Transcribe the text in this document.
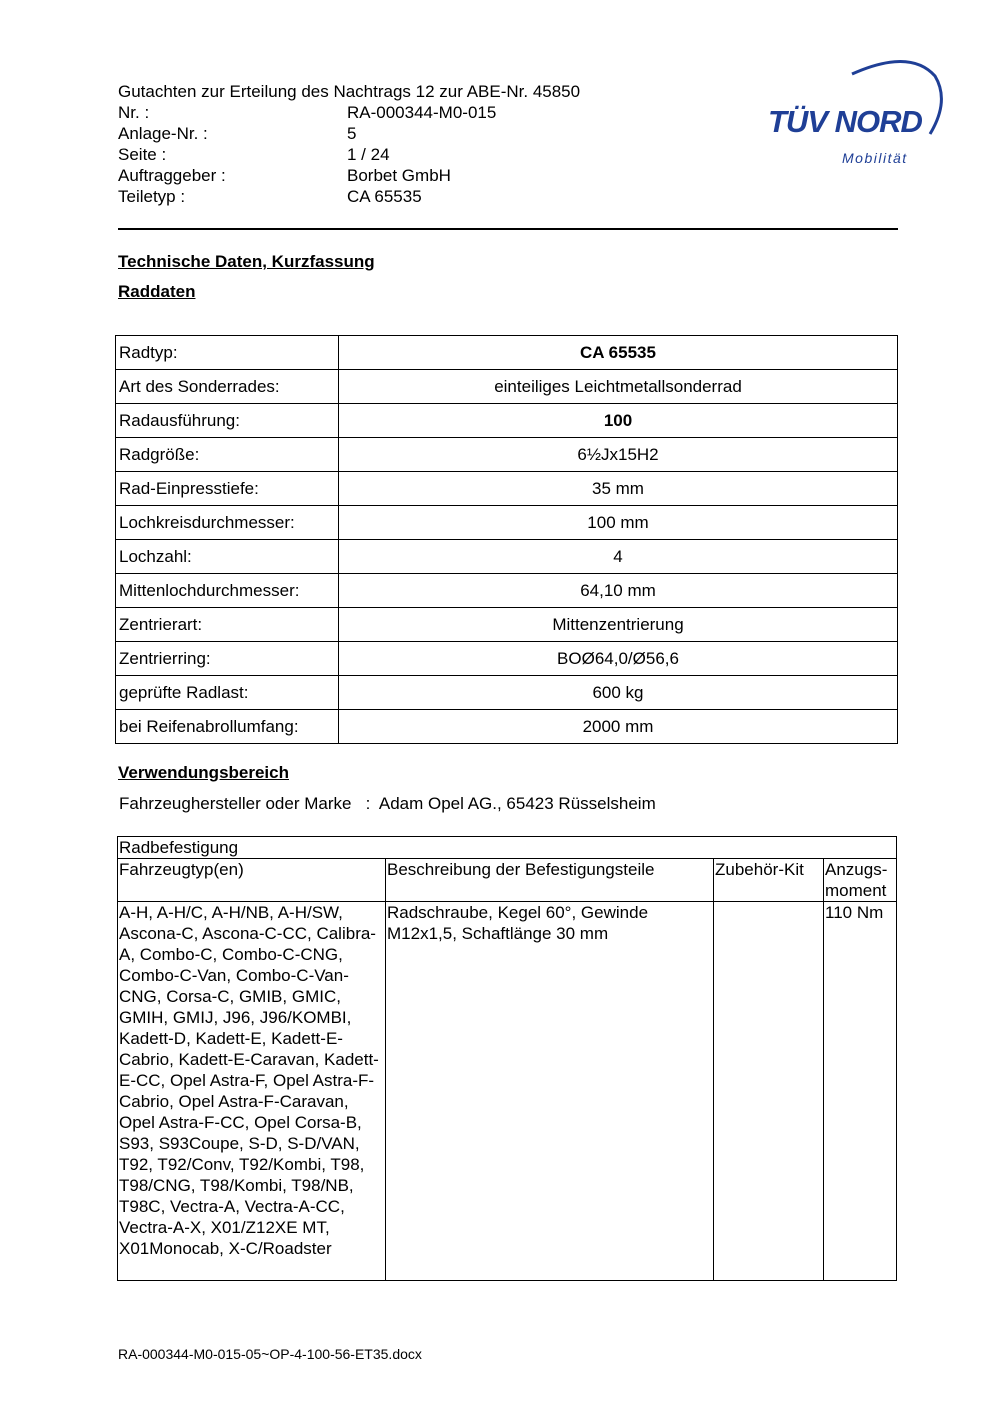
Gutachten zur Erteilung des Nachtrags 12 zur ABE-Nr. 45850
Nr. :	RA-000344-M0-015
Anlage-Nr. :	5
Seite :	1 / 24
Auftraggeber :	Borbet GmbH
Teiletyp :	CA 65535
TÜV NORD
Mobilität
Technische Daten, Kurzfassung
Raddaten
Radtyp:	CA 65535
Art des Sonderrades:	einteiliges Leichtmetallsonderrad
Radausführung:	100
Radgröße:	6½Jx15H2
Rad-Einpresstiefe:	35 mm
Lochkreisdurchmesser:	100 mm
Lochzahl:	4
Mittenlochdurchmesser:	64,10 mm
Zentrierart:	Mittenzentrierung
Zentrierring:	BOØ64,0/Ø56,6
geprüfte Radlast:	600 kg
bei Reifenabrollumfang:	2000 mm
Verwendungsbereich
Fahrzeughersteller oder Marke : Adam Opel AG., 65423 Rüsselsheim
Radbefestigung			
Fahrzeugtyp(en)	Beschreibung der Befestigungsteile	Zubehör-Kit	Anzugs-moment
A-H, A-H/C, A-H/NB, A-H/SW, Ascona-C, Ascona-C-CC, Calibra-A, Combo-C, Combo-C-CNG, Combo-C-Van, Combo-C-Van-CNG, Corsa-C, GMIB, GMIC, GMIH, GMIJ, J96, J96/KOMBI, Kadett-D, Kadett-E, Kadett-E-Cabrio, Kadett-E-Caravan, Kadett-E-CC, Opel Astra-F, Opel Astra-F-Cabrio, Opel Astra-F-Caravan, Opel Astra-F-CC, Opel Corsa-B, S93, S93Coupe, S-D, S-D/VAN, T92, T92/Conv, T92/Kombi, T98, T98/CNG, T98/Kombi, T98/NB, T98C, Vectra-A, Vectra-A-CC, Vectra-A-X, X01/Z12XE MT, X01Monocab, X-C/Roadster	Radschraube, Kegel 60°, Gewinde M12x1,5, Schaftlänge 30 mm		110 Nm
RA-000344-M0-015-05~OP-4-100-56-ET35.docx
